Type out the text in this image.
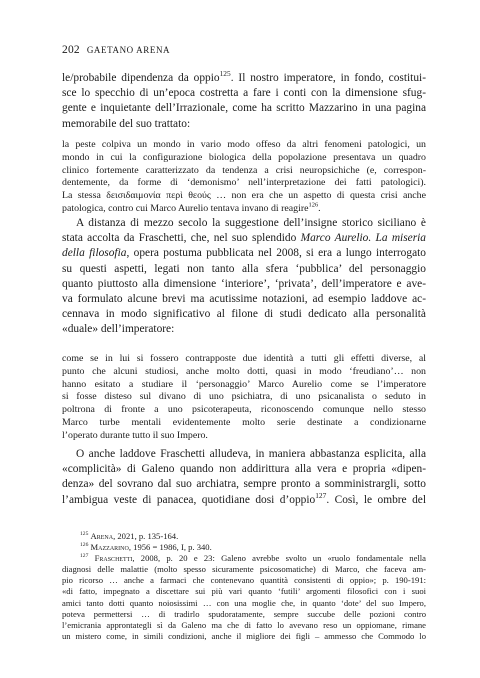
202 GAETANO ARENA

le/probabile dipendenza da oppio$^{125}$. Il nostro imperatore, in fondo, costitui-

sce lo specchio di un’epoca costretta a fare i conti con la dimensione sfug-

gente e inquietante dell’Irrazionale, come ha scritto Mazzarino in una pagina

memorabile del suo trattato:

la peste colpiva un mondo in vario modo offeso da altri fenomeni patologici, un

mondo in cui la configurazione biologica della popolazione presentava un quadro

clinico fortemente caratterizzato da tendenza a crisi neuropsichiche (e, correspon-

dentemente, da forme di ‘demonismo’ nell’interpretazione dei fatti patologici).

La stessa δεισιδαιμονία περὶ θεούς … non era che un aspetto di questa crisi anche

patologica, contro cui Marco Aurelio tentava invano di reagire$^{126}$.

A distanza di mezzo secolo la suggestione dell’insigne storico siciliano è

stata accolta da Fraschetti, che, nel suo splendido Marco Aurelio. La miseria

della filosofia, opera postuma pubblicata nel 2008, si era a lungo interrogato

su questi aspetti, legati non tanto alla sfera ‘pubblica’ del personaggio

quanto piuttosto alla dimensione ‘interiore’, ‘privata’, dell’imperatore e ave-

va formulato alcune brevi ma acutissime notazioni, ad esempio laddove ac-

cennava in modo significativo al filone di studi dedicato alla personalità

«duale» dell’imperatore:

come se in lui si fossero contrapposte due identità a tutti gli effetti diverse, al

punto che alcuni studiosi, anche molto dotti, quasi in modo ‘freudiano’… non

hanno esitato a studiare il ‘personaggio’ Marco Aurelio come se l’imperatore

si fosse disteso sul divano di uno psichiatra, di uno psicanalista o seduto in

poltrona di fronte a uno psicoterapeuta, riconoscendo comunque nello stesso

Marco turbe mentali evidentemente molto serie destinate a condizionarne

l’operato durante tutto il suo Impero.

O anche laddove Fraschetti alludeva, in maniera abbastanza esplicita, alla

«complicità» di Galeno quando non addirittura alla vera e propria «dipen-

denza» del sovrano dal suo archiatra, sempre pronto a somministrargli, sotto

l’ambigua veste di panacea, quotidiane dosi d’oppio$^{127}$. Così, le ombre del

$^{125}$ Arena, 2021, p. 135-164.

$^{126}$ Mazzarino, 1956 = 1986, I, p. 340.

$^{127}$ Fraschetti, 2008, p. 20 e 23: Galeno avrebbe svolto un «ruolo fondamentale nella

diagnosi delle malattie (molto spesso sicuramente psicosomatiche) di Marco, che faceva am-

pio ricorso … anche a farmaci che contenevano quantità consistenti di oppio»; p. 190-191:

«di fatto, impegnato a discettare sui più vari quanto ‘futili’ argomenti filosofici con i suoi

amici tanto dotti quanto noiosissimi … con una moglie che, in quanto ‘dote’ del suo Impero,

poteva permettersi … di tradirlo spudoratamente, sempre succube delle pozioni contro

l’emicrania approntategli sì da Galeno ma che di fatto lo avevano reso un oppiomane, rimane

un mistero come, in simili condizioni, anche il migliore dei figli – ammesso che Commodo lo
